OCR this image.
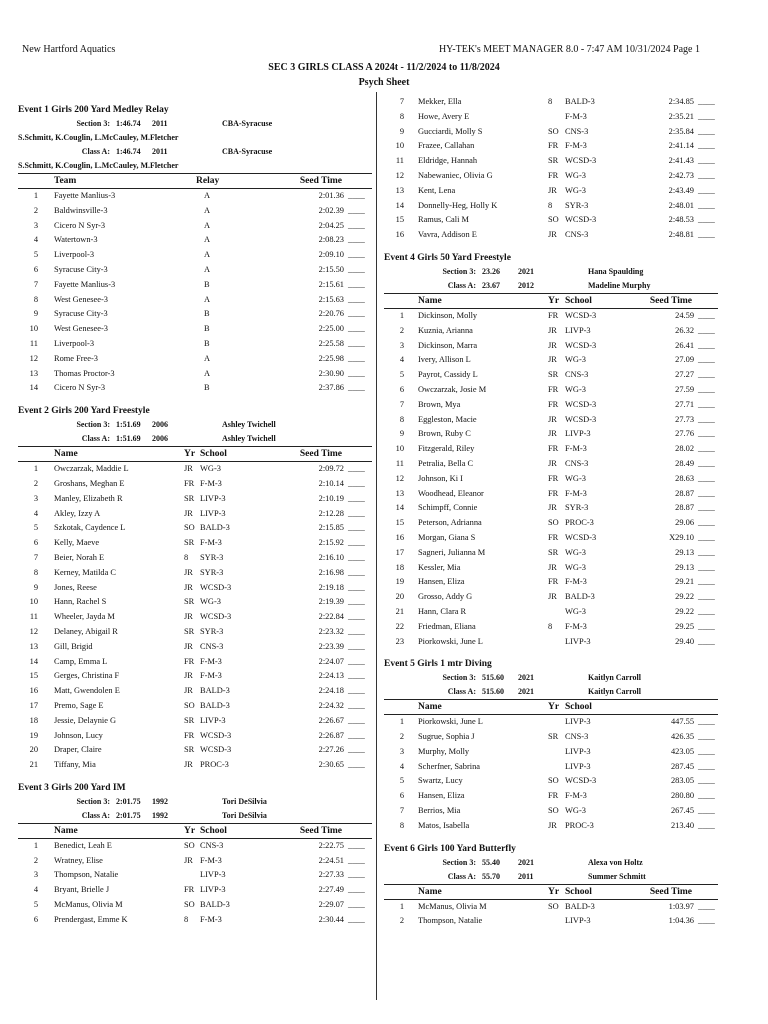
New Hartford Aquatics	HY-TEK's MEET MANAGER 8.0 - 7:47 AM 10/31/2024 Page 1
SEC 3 GIRLS CLASS A 2024t - 11/2/2024 to 11/8/2024
Psych Sheet
Event 1 Girls 200 Yard Medley Relay
Section 3: 1:46.74 2011	CBA-Syracuse
S.Schmitt, K.Couglin, L.McCauley, M.Fletcher
Class A: 1:46.74 2011	CBA-Syracuse
S.Schmitt, K.Couglin, L.McCauley, M.Fletcher
Team	Relay	Seed Time
1 Fayette Manlius-3	A	2:01.36 ____
2 Baldwinsville-3	A	2:02.39 ____
3 Cicero N Syr-3	A	2:04.25 ____
4 Watertown-3	A	2:08.23 ____
5 Liverpool-3	A	2:09.10 ____
6 Syracuse City-3	A	2:15.50 ____
7 Fayette Manlius-3	B	2:15.61 ____
8 West Genesee-3	A	2:15.63 ____
9 Syracuse City-3	B	2:20.76 ____
10 West Genesee-3	B	2:25.00 ____
11 Liverpool-3	B	2:25.58 ____
12 Rome Free-3	A	2:25.98 ____
13 Thomas Proctor-3	A	2:30.90 ____
14 Cicero N Syr-3	B	2:37.86 ____
Event 2 Girls 200 Yard Freestyle
Section 3: 1:51.69 2006	Ashley Twichell
Class A: 1:51.69 2006	Ashley Twichell
Name	Yr School	Seed Time
1 Owczarzak, Maddie L	JR WG-3	2:09.72 ____
2 Groshans, Meghan E	FR F-M-3	2:10.14 ____
3 Manley, Elizabeth R	SR LIVP-3	2:10.19 ____
4 Akley, Izzy A	JR LIVP-3	2:12.28 ____
5 Szkotak, Caydence L	SO BALD-3	2:15.85 ____
6 Kelly, Maeve	SR F-M-3	2:15.92 ____
7 Beier, Norah E	8 SYR-3	2:16.10 ____
8 Kerney, Matilda C	JR SYR-3	2:16.98 ____
9 Jones, Reese	JR WCSD-3	2:19.18 ____
10 Hann, Rachel S	SR WG-3	2:19.39 ____
11 Wheeler, Jayda M	JR WCSD-3	2:22.84 ____
12 Delaney, Abigail R	SR SYR-3	2:23.32 ____
13 Gill, Brigid	JR CNS-3	2:23.39 ____
14 Camp, Emma L	FR F-M-3	2:24.07 ____
15 Gerges, Christina F	JR F-M-3	2:24.13 ____
16 Matt, Gwendolen E	JR BALD-3	2:24.18 ____
17 Premo, Sage E	SO BALD-3	2:24.32 ____
18 Jessie, Delaynie G	SR LIVP-3	2:26.67 ____
19 Johnson, Lucy	FR WCSD-3	2:26.87 ____
20 Draper, Claire	SR WCSD-3	2:27.26 ____
21 Tiffany, Mia	JR PROC-3	2:30.65 ____
Event 3 Girls 200 Yard IM
Section 3: 2:01.75 1992	Tori DeSilvia
Class A: 2:01.75 1992	Tori DeSilvia
Name	Yr School	Seed Time
1 Benedict, Leah E	SO CNS-3	2:22.75 ____
2 Wratney, Elise	JR F-M-3	2:24.51 ____
3 Thompson, Natalie	LIVP-3	2:27.33 ____
4 Bryant, Brielle J	FR LIVP-3	2:27.49 ____
5 McManus, Olivia M	SO BALD-3	2:29.07 ____
6 Prendergast, Emme K	8 F-M-3	2:30.44 ____
7 Mekker, Ella	8 BALD-3	2:34.85 ____
8 Howe, Avery E	F-M-3	2:35.21 ____
9 Gucciardi, Molly S	SO CNS-3	2:35.84 ____
10 Frazee, Callahan	FR F-M-3	2:41.14 ____
11 Eldridge, Hannah	SR WCSD-3	2:41.43 ____
12 Nabewaniec, Olivia G	FR WG-3	2:42.73 ____
13 Kent, Lena	JR WG-3	2:43.49 ____
14 Donnelly-Heg, Holly K	8 SYR-3	2:48.01 ____
15 Ramus, Cali M	SO WCSD-3	2:48.53 ____
16 Vavra, Addison E	JR CNS-3	2:48.81 ____
Event 4 Girls 50 Yard Freestyle
Section 3: 23.26 2021	Hana Spaulding
Class A: 23.67 2012	Madeline Murphy
Name	Yr School	Seed Time
1 Dickinson, Molly	FR WCSD-3	24.59 ____
2 Kuznia, Arianna	JR LIVP-3	26.32 ____
3 Dickinson, Marra	JR WCSD-3	26.41 ____
4 Ivery, Allison L	JR WG-3	27.09 ____
5 Payrot, Cassidy L	SR CNS-3	27.27 ____
6 Owczarzak, Josie M	FR WG-3	27.59 ____
7 Brown, Mya	FR WCSD-3	27.71 ____
8 Eggleston, Macie	JR WCSD-3	27.73 ____
9 Brown, Ruby C	JR LIVP-3	27.76 ____
10 Fitzgerald, Riley	FR F-M-3	28.02 ____
11 Petralia, Bella C	JR CNS-3	28.49 ____
12 Johnson, Ki I	FR WG-3	28.63 ____
13 Woodhead, Eleanor	FR F-M-3	28.87 ____
14 Schimpff, Connie	JR SYR-3	28.87 ____
15 Peterson, Adrianna	SO PROC-3	29.06 ____
16 Morgan, Giana S	FR WCSD-3	X29.10 ____
17 Sagneri, Julianna M	SR WG-3	29.13 ____
18 Kessler, Mia	JR WG-3	29.13 ____
19 Hansen, Eliza	FR F-M-3	29.21 ____
20 Grosso, Addy G	JR BALD-3	29.22 ____
21 Hann, Clara R	WG-3	29.22 ____
22 Friedman, Eliana	8 F-M-3	29.25 ____
23 Piorkowski, June L	LIVP-3	29.40 ____
Event 5 Girls 1 mtr Diving
Section 3: 515.60 2021	Kaitlyn Carroll
Class A: 515.60 2021	Kaitlyn Carroll
Name	Yr School
1 Piorkowski, June L	LIVP-3	447.55 ____
2 Sugrue, Sophia J	SR CNS-3	426.35 ____
3 Murphy, Molly	LIVP-3	423.05 ____
4 Scherfner, Sabrina	LIVP-3	287.45 ____
5 Swartz, Lucy	SO WCSD-3	283.05 ____
6 Hansen, Eliza	FR F-M-3	280.80 ____
7 Berrios, Mia	SO WG-3	267.45 ____
8 Matos, Isabella	JR PROC-3	213.40 ____
Event 6 Girls 100 Yard Butterfly
Section 3: 55.40 2021	Alexa von Holtz
Class A: 55.70 2011	Summer Schmitt
Name	Yr School	Seed Time
1 McManus, Olivia M	SO BALD-3	1:03.97 ____
2 Thompson, Natalie	LIVP-3	1:04.36 ____
